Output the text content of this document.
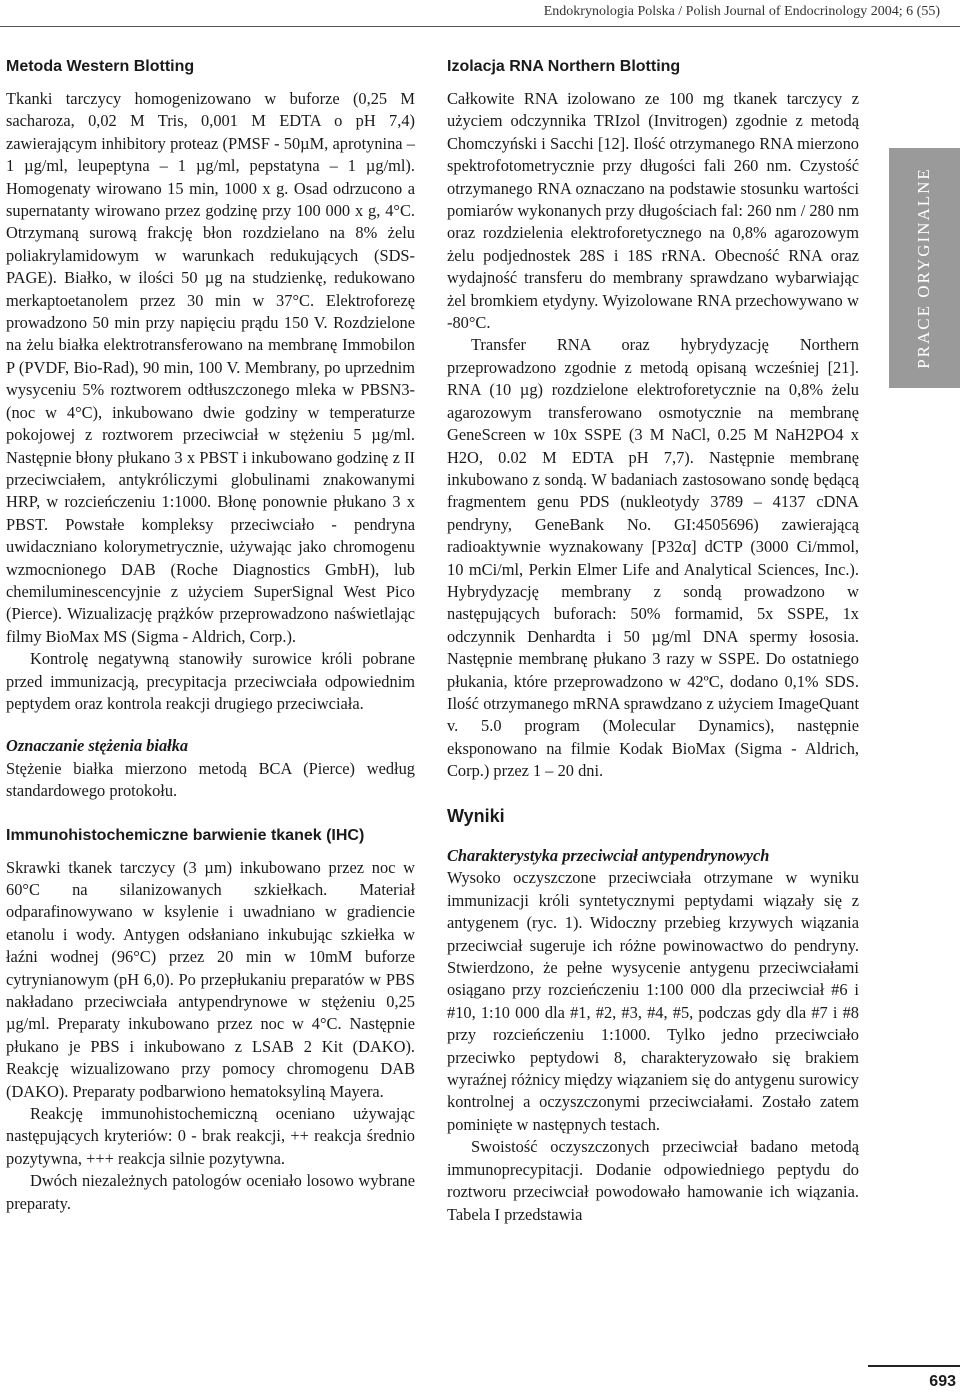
Endokrynologia Polska / Polish Journal of Endocrinology 2004; 6 (55)
Metoda Western Blotting

Tkanki tarczycy homogenizowano w buforze (0,25 M sacharoza, 0,02 M Tris, 0,001 M EDTA o pH 7,4) zawierającym inhibitory proteaz (PMSF - 50µM, aprotynina – 1 µg/ml, leupeptyna – 1 µg/ml, pepstatyna – 1 µg/ml). Homogenaty wirowano 15 min, 1000 x g. Osad odrzucono a supernatanty wirowano przez godzinę przy 100 000 x g, 4°C. Otrzymaną surową frakcję błon rozdzielano na 8% żelu poliakrylamidowym w warunkach redukujących (SDS-PAGE). Białko, w ilości 50 µg na studzienkę, redukowano merkaptoetanolem przez 30 min w 37°C. Elektroforezę prowadzono 50 min przy napięciu prądu 150 V. Rozdzielone na żelu białka elektrotransferowano na membranę Immobilon P (PVDF, Bio-Rad), 90 min, 100 V. Membrany, po uprzednim wysyceniu 5% roztworem odtłuszczonego mleka w PBSN3- (noc w 4°C), inkubowano dwie godziny w temperaturze pokojowej z roztworem przeciwciał w stężeniu 5 µg/ml. Następnie błony płukano 3 x PBST i inkubowano godzinę z II przeciwciałem, antykróliczymi globulinami znakowanymi HRP, w rozcieńczeniu 1:1000. Błonę ponownie płukano 3 x PBST. Powstałe kompleksy przeciwciało - pendryna uwidaczniano kolorymetrycznie, używając jako chromogenu wzmocnionego DAB (Roche Diagnostics GmbH), lub chemiluminescencyjnie z użyciem SuperSignal West Pico (Pierce). Wizualizację prążków przeprowadzono naświetlając filmy BioMax MS (Sigma - Aldrich, Corp.).

Kontrolę negatywną stanowiły surowice króli pobrane przed immunizacją, precypitacja przeciwciała odpowiednim peptydem oraz kontrola reakcji drugiego przeciwciała.

Oznaczanie stężenia białka

Stężenie białka mierzono metodą BCA (Pierce) według standardowego protokołu.

Immunohistochemiczne barwienie tkanek (IHC)

Skrawki tkanek tarczycy (3 µm) inkubowano przez noc w 60°C na silanizowanych szkiełkach. Materiał odparafinowywano w ksylenie i uwadniano w gradiencie etanolu i wody. Antygen odsłaniano inkubując szkiełka w łaźni wodnej (96°C) przez 20 min w 10mM buforze cytrynianowym (pH 6,0). Po przepłukaniu preparatów w PBS nakładano przeciwciała antypendrynowe w stężeniu 0,25 µg/ml. Preparaty inkubowano przez noc w 4°C. Następnie płukano je PBS i inkubowano z LSAB 2 Kit (DAKO). Reakcję wizualizowano przy pomocy chromogenu DAB (DAKO). Preparaty podbarwiono hematoksyliną Mayera.

Reakcję immunohistochemiczną oceniano używając następujących kryteriów: 0 - brak reakcji, ++ reakcja średnio pozytywna, +++ reakcja silnie pozytywna.

Dwóch niezależnych patologów oceniało losowo wybrane preparaty.

Izolacja RNA Northern Blotting

Całkowite RNA izolowano ze 100 mg tkanek tarczycy z użyciem odczynnika TRIzol (Invitrogen) zgodnie z metodą Chomczyński i Sacchi [12]. Ilość otrzymanego RNA mierzono spektrofotometrycznie przy długości fali 260 nm. Czystość otrzymanego RNA oznaczano na podstawie stosunku wartości pomiarów wykonanych przy długościach fal: 260 nm / 280 nm oraz rozdzielenia elektroforetycznego na 0,8% agarozowym żelu podjednostek 28S i 18S rRNA. Obecność RNA oraz wydajność transferu do membrany sprawdzano wybarwiając żel bromkiem etydyny. Wyizolowane RNA przechowywano w -80°C.

Transfer RNA oraz hybrydyzację Northern przeprowadzono zgodnie z metodą opisaną wcześniej [21]. RNA (10 µg) rozdzielone elektroforetycznie na 0,8% żelu agarozowym transferowano osmotycznie na membranę GeneScreen w 10x SSPE (3 M NaCl, 0.25 M NaH2PO4 x H2O, 0.02 M EDTA pH 7,7). Następnie membranę inkubowano z sondą. W badaniach zastosowano sondę będącą fragmentem genu PDS (nukleotydy 3789 – 4137 cDNA pendryny, GeneBank No. GI:4505696) zawierającą radioaktywnie wyznakowany [P32α] dCTP (3000 Ci/mmol, 10 mCi/ml, Perkin Elmer Life and Analytical Sciences, Inc.). Hybrydyzację membrany z sondą prowadzono w następujących buforach: 50% formamid, 5x SSPE, 1x odczynnik Denhardta i 50 µg/ml DNA spermy łososia. Następnie membranę płukano 3 razy w SSPE. Do ostatniego płukania, które przeprowadzono w 42ºC, dodano 0,1% SDS. Ilość otrzymanego mRNA sprawdzano z użyciem ImageQuant v. 5.0 program (Molecular Dynamics), następnie eksponowano na filmie Kodak BioMax (Sigma - Aldrich, Corp.) przez 1 – 20 dni.

Wyniki
Charakterystyka przeciwciał antypendrynowych

Wysoko oczyszczone przeciwciała otrzymane w wyniku immunizacji króli syntetycznymi peptydami wiązały się z antygenem (ryc. 1). Widoczny przebieg krzywych wiązania przeciwciał sugeruje ich różne powinowactwo do pendryny. Stwierdzono, że pełne wysycenie antygenu przeciwciałami osiągano przy rozcieńczeniu 1:100 000 dla przeciwciał #6 i #10, 1:10 000 dla #1, #2, #3, #4, #5, podczas gdy dla #7 i #8 przy rozcieńczeniu 1:1000. Tylko jedno przeciwciało przeciwko peptydowi 8, charakteryzowało się brakiem wyraźnej różnicy między wiązaniem się do antygenu surowicy kontrolnej a oczyszczonymi przeciwciałami. Zostało zatem pominięte w następnych testach.

Swoistość oczyszczonych przeciwciał badano metodą immunoprecypitacji. Dodanie odpowiedniego peptydu do roztworu przeciwciał powodowało hamowanie ich wiązania. Tabela I przedstawia

PRACE ORYGINALNE
693
